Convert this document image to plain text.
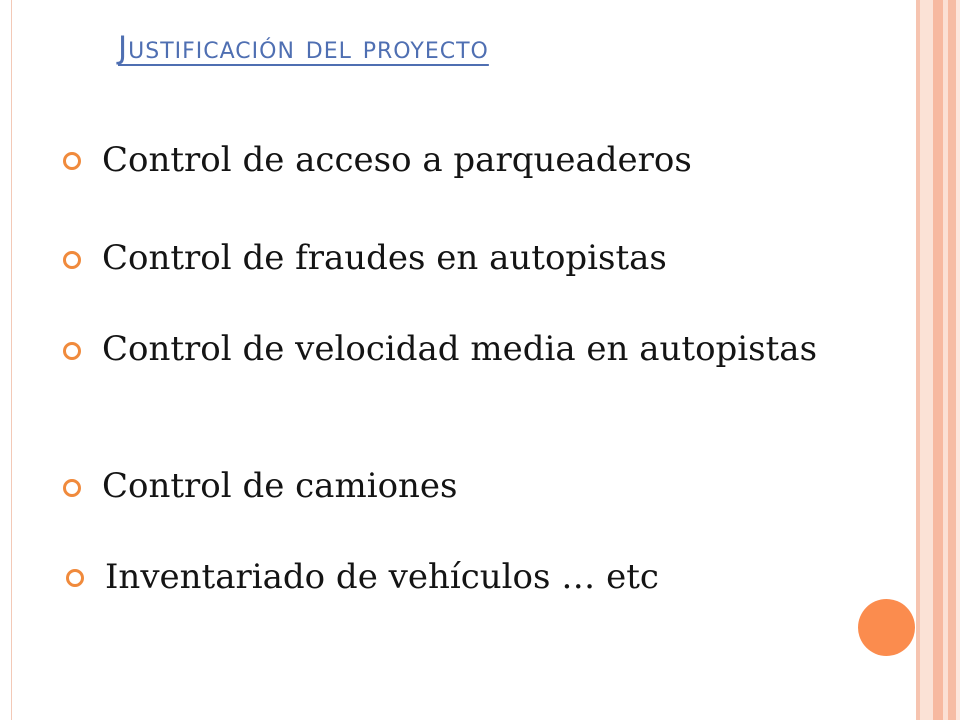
Justificación del proyecto
Control de acceso a parqueaderos
Control de fraudes en autopistas
Control de velocidad media en autopistas
Control de camiones
Inventariado de vehículos … etc
